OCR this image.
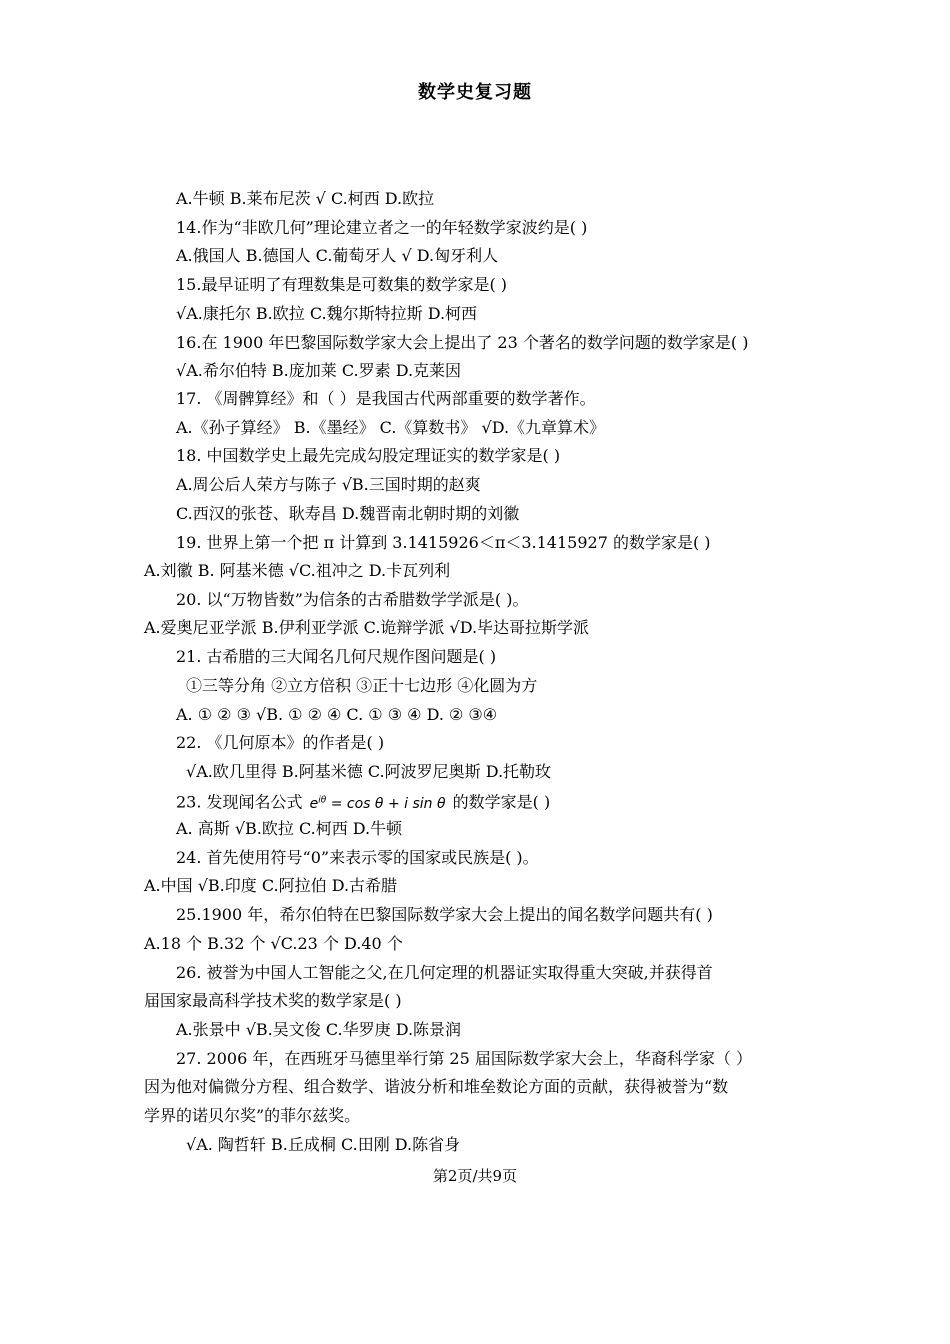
数学史复习题
A.牛顿 B.莱布尼茨 √ C.柯西 D.欧拉
14.作为“非欧几何”理论建立者之一的年轻数学家波约是( )
A.俄国人 B.德国人 C.葡萄牙人 √ D.匈牙利人
15.最早证明了有理数集是可数集的数学家是( )
√A.康托尔 B.欧拉 C.魏尔斯特拉斯 D.柯西
16.在 1900 年巴黎国际数学家大会上提出了 23 个著名的数学问题的数学家是( )
√A.希尔伯特 B.庞加莱 C.罗素 D.克莱因
17. 《周髀算经》和（ ）是我国古代两部重要的数学著作。
A.《孙子算经》 B.《墨经》 C.《算数书》 √D.《九章算术》
18. 中国数学史上最先完成勾股定理证实的数学家是( )
A.周公后人荣方与陈子 √B.三国时期的赵爽
C.西汉的张苍、耿寿昌 D.魏晋南北朝时期的刘徽
19. 世界上第一个把 π 计算到 3.1415926＜π＜3.1415927 的数学家是( )
A.刘徽 B. 阿基米德 √C.祖冲之 D.卡瓦列利
20. 以“万物皆数”为信条的古希腊数学学派是( )。
A.爱奥尼亚学派 B.伊利亚学派 C.诡辩学派 √D.毕达哥拉斯学派
21. 古希腊的三大闻名几何尺规作图问题是( )
①三等分角 ②立方倍积 ③正十七边形 ④化圆为方
A. ① ② ③ √B. ① ② ④ C. ① ③ ④ D. ② ③④
22. 《几何原本》的作者是( )
√A.欧几里得 B.阿基米德 C.阿波罗尼奥斯 D.托勒玫
23. 发现闻名公式 $e^{i\theta} = \cos \theta + i$ sin θ 的数学家是( )
A. 高斯 √B.欧拉 C.柯西 D.牛顿
24. 首先使用符号“0”来表示零的国家或民族是( )。
A.中国 √B.印度 C.阿拉伯 D.古希腊
25.1900 年，希尔伯特在巴黎国际数学家大会上提出的闻名数学问题共有( )
A.18 个 B.32 个 √C.23 个 D.40 个
26. 被誉为中国人工智能之父,在几何定理的机器证实取得重大突破,并获得首
届国家最高科学技术奖的数学家是( )
A.张景中 √B.吴文俊 C.华罗庚 D.陈景润
27. 2006 年，在西班牙马德里举行第 25 届国际数学家大会上，华裔科学家（ ）
因为他对偏微分方程、组合数学、谐波分析和堆垒数论方面的贡献，获得被誉为“数
学界的诺贝尔奖”的菲尔兹奖。
√A. 陶哲轩 B.丘成桐 C.田刚 D.陈省身
第2页/共9页
